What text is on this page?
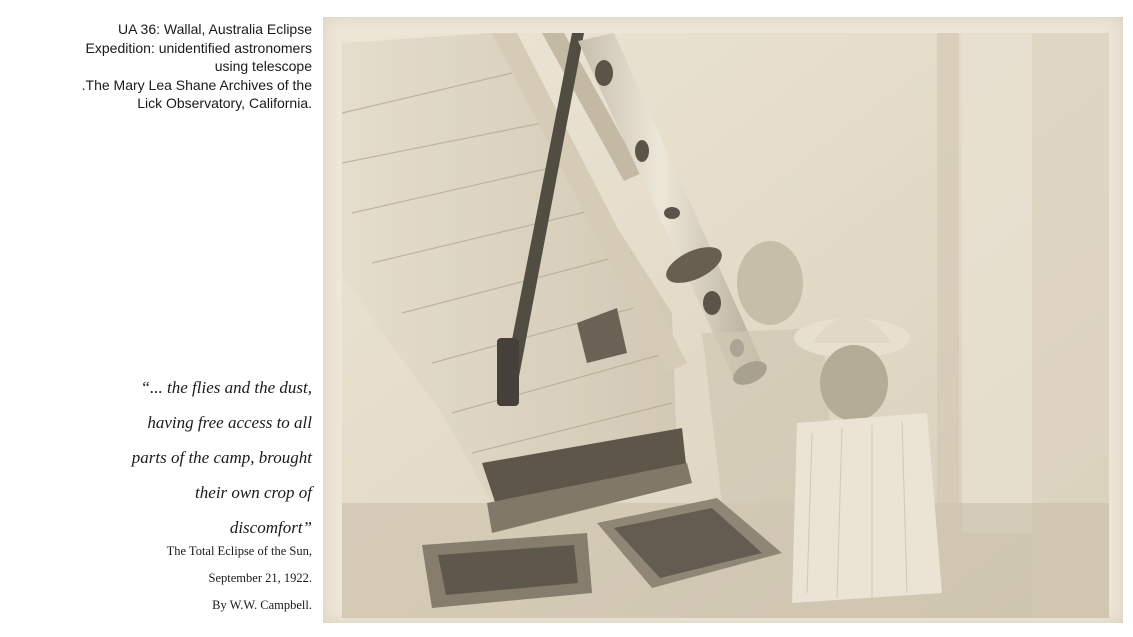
UA 36: Wallal, Australia Eclipse
Expedition: unidentified astronomers
using telescope
.The Mary Lea Shane Archives of the
Lick Observatory, California.
“... the flies and the dust,
having free access to all
parts of the camp, brought
their own crop of
discomfort”
The Total Eclipse of the Sun,
September 21, 1922.
By W.W. Campbell.
